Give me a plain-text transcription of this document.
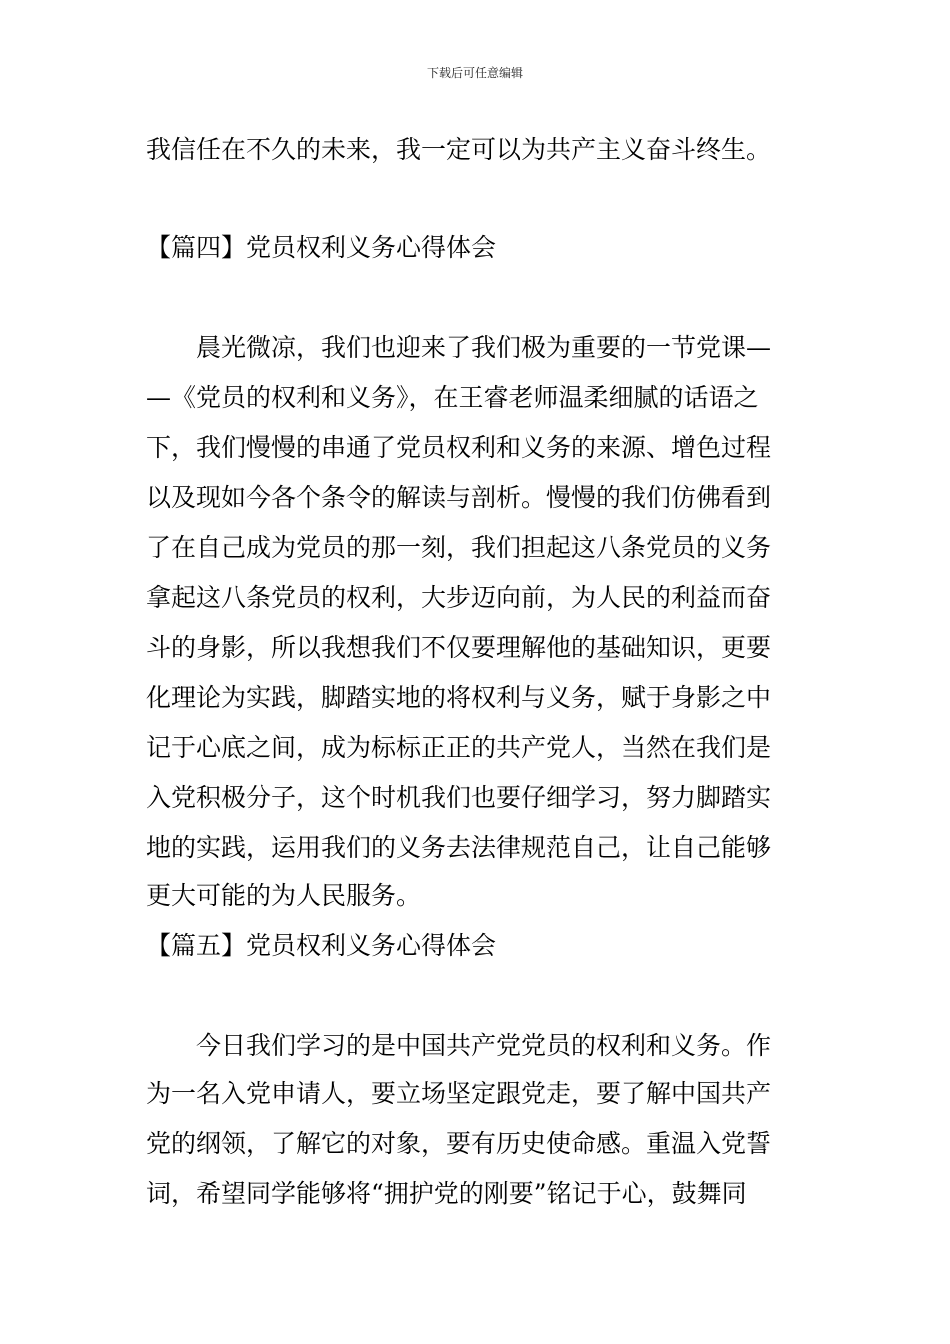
下载后可任意编辑
我信任在不久的未来，我一定可以为共产主义奋斗终生。
【篇四】党员权利义务心得体会
晨光微凉，我们也迎来了我们极为重要的一节党课—
—《党员的权利和义务》，在王睿老师温柔细腻的话语之
下，我们慢慢的串通了党员权利和义务的来源、增色过程
以及现如今各个条令的解读与剖析。慢慢的我们仿佛看到
了在自己成为党员的那一刻，我们担起这八条党员的义务
拿起这八条党员的权利，大步迈向前，为人民的利益而奋
斗的身影，所以我想我们不仅要理解他的基础知识，更要
化理论为实践，脚踏实地的将权利与义务，赋于身影之中
记于心底之间，成为标标正正的共产党人，当然在我们是
入党积极分子，这个时机我们也要仔细学习，努力脚踏实
地的实践，运用我们的义务去法律规范自己，让自己能够
更大可能的为人民服务。
【篇五】党员权利义务心得体会
今日我们学习的是中国共产党党员的权利和义务。作
为一名入党申请人，要立场坚定跟党走，要了解中国共产
党的纲领，了解它的对象，要有历史使命感。重温入党誓
词，希望同学能够将“拥护党的刚要”铭记于心，鼓舞同
